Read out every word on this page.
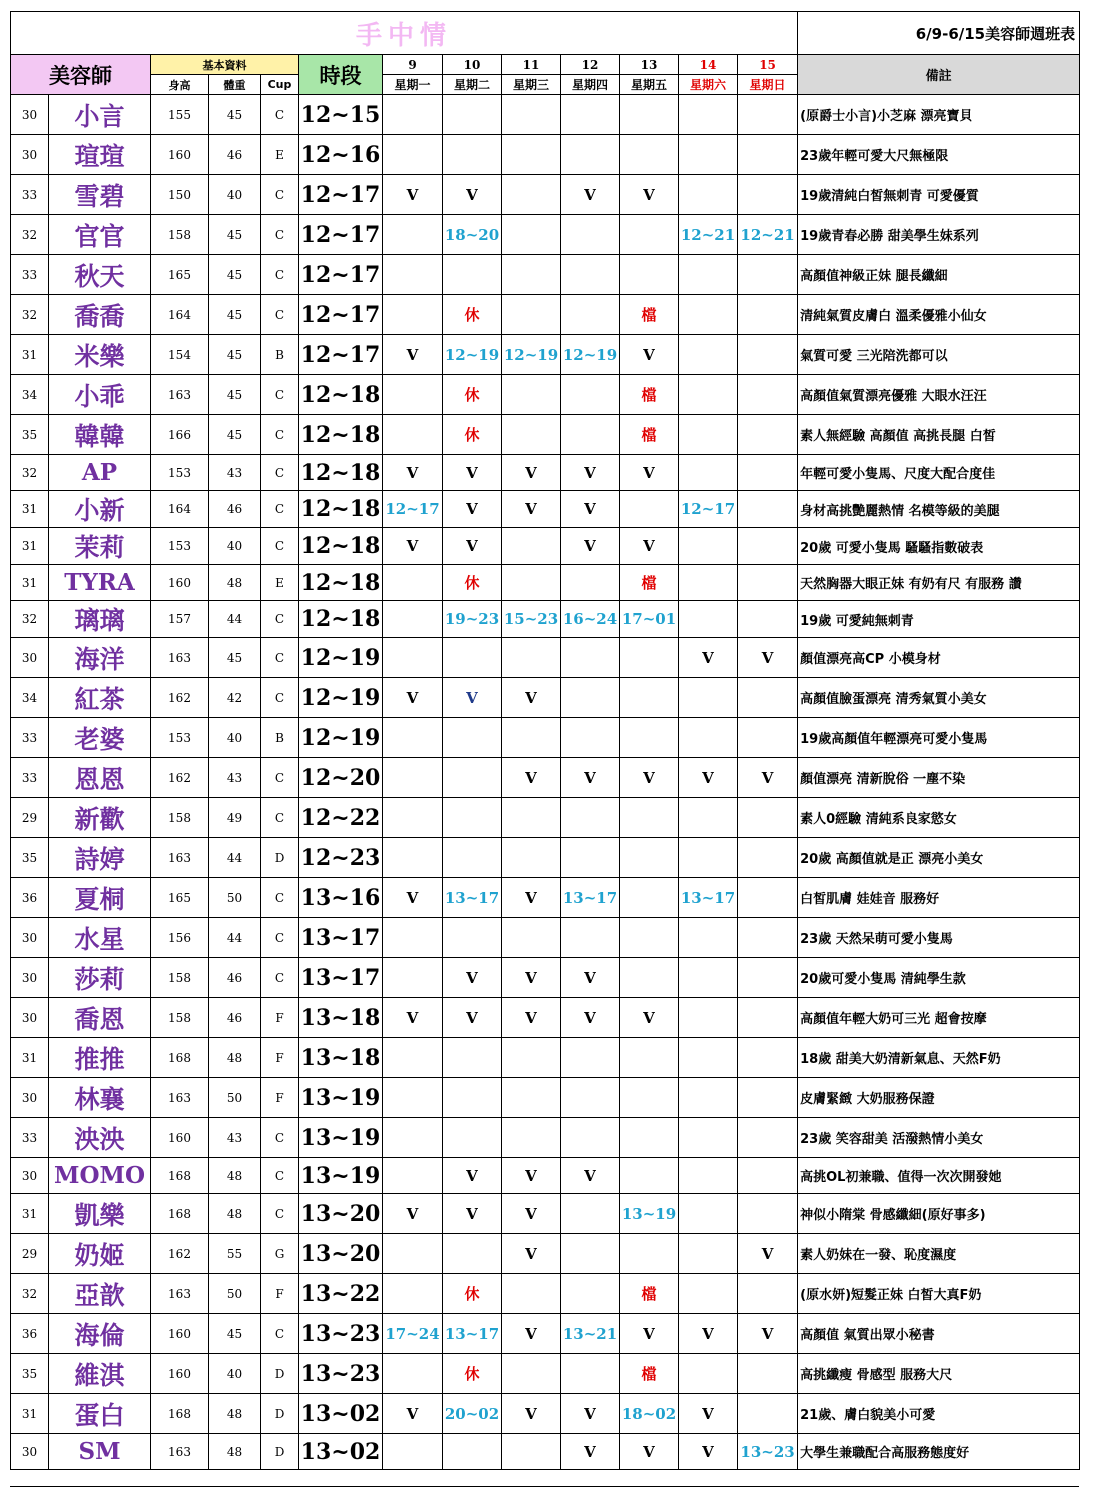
手中情													6/9-6/15美容師週班表
美容師		基本資料			時段	9	10	11	12	13	14	15	備註
		身高	體重	Cup		星期一	星期二	星期三	星期四	星期五	星期六	星期日	
30	小言	155	45	C	12~15								(原爵士小言)小芝麻 漂亮寶貝
30	瑄瑄	160	46	E	12~16								23歲年輕可愛大尺無極限
33	雪碧	150	40	C	12~17	V	V		V	V			19歲清純白皙無刺青 可愛優質
32	官官	158	45	C	12~17		18~20				12~21	12~21	19歲青春必勝 甜美學生妹系列
33	秋天	165	45	C	12~17								高顏值神級正妹 腿長纖細
32	喬喬	164	45	C	12~17		休			檔			清純氣質皮膚白 溫柔優雅小仙女
31	米樂	154	45	B	12~17	V	12~19	12~19	12~19	V			氣質可愛 三光陪洗都可以
34	小乖	163	45	C	12~18		休			檔			高顏值氣質漂亮優雅 大眼水汪汪
35	韓韓	166	45	C	12~18		休			檔			素人無經驗 高顏值 高挑長腿 白皙
32	AP	153	43	C	12~18	V	V	V	V	V			年輕可愛小隻馬、尺度大配合度佳
31	小新	164	46	C	12~18	12~17	V	V	V		12~17		身材高挑艷麗熱情 名模等級的美腿
31	茉莉	153	40	C	12~18	V	V		V	V			20歲 可愛小隻馬 騷騷指數破表
31	TYRA	160	48	E	12~18		休			檔			天然胸器大眼正妹 有奶有尺 有服務 讚
32	璃璃	157	44	C	12~18		19~23	15~23	16~24	17~01			19歲 可愛純無刺青
30	海洋	163	45	C	12~19						V	V	顏值漂亮高CP 小模身材
34	紅茶	162	42	C	12~19	V	V	V					高顏值臉蛋漂亮 清秀氣質小美女
33	老婆	153	40	B	12~19								19歲高顏值年輕漂亮可愛小隻馬
33	恩恩	162	43	C	12~20			V	V	V	V	V	顏值漂亮 清新脫俗 一塵不染
29	新歡	158	49	C	12~22								素人0經驗 清純系良家慾女
35	詩婷	163	44	D	12~23								20歲 高顏值就是正 漂亮小美女
36	夏桐	165	50	C	13~16	V	13~17	V	13~17		13~17		白皙肌膚 娃娃音 服務好
30	水星	156	44	C	13~17								23歲 天然呆萌可愛小隻馬
30	莎莉	158	46	C	13~17		V	V	V				20歲可愛小隻馬 清純學生款
30	喬恩	158	46	F	13~18	V	V	V	V	V			高顏值年輕大奶可三光 超會按摩
31	推推	168	48	F	13~18								18歲 甜美大奶清新氣息、天然F奶
30	林襄	163	50	F	13~19								皮膚緊緻 大奶服務保證
33	泱泱	160	43	C	13~19								23歲 笑容甜美 活潑熱情小美女
30	MOMO	168	48	C	13~19		V	V	V				高挑OL初兼職、值得一次次開發她
31	凱樂	168	48	C	13~20	V	V	V		13~19			神似小隋棠 骨感纖細(原好事多)
29	奶姬	162	55	G	13~20			V				V	素人奶妹在一發、恥度濕度
32	亞歆	163	50	F	13~22		休			檔			(原水妍)短髮正妹 白皙大真F奶
36	海倫	160	45	C	13~23	17~24	13~17	V	13~21	V	V	V	高顏值 氣質出眾小秘書
35	維淇	160	40	D	13~23		休			檔			高挑纖瘦 骨感型 服務大尺
31	蛋白	168	48	D	13~02	V	20~02	V	V	18~02	V		21歲、膚白貌美小可愛
30	SM	163	48	D	13~02				V	V	V	13~23	大學生兼職配合高服務態度好
